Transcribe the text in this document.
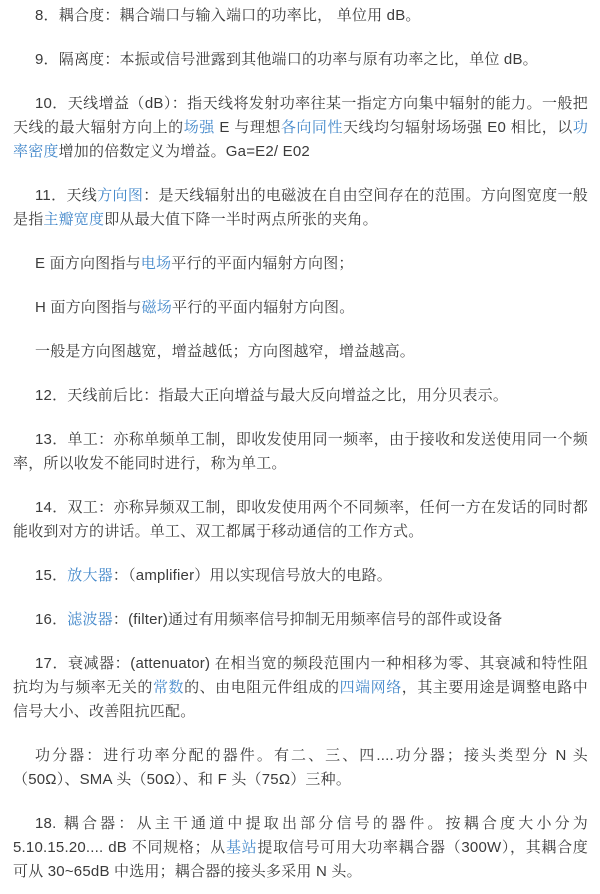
8．耦合度：耦合端口与输入端口的功率比， 单位用 dB。

9．隔离度：本振或信号泄露到其他端口的功率与原有功率之比，单位 dB。

10．天线增益（dB）：指天线将发射功率往某一指定方向集中辐射的能力。一般把天线的最大辐射方向上的场强 E 与理想各向同性天线均匀辐射场场强 E0 相比，以功率密度增加的倍数定义为增益。Ga=E2/ E02

11．天线方向图：是天线辐射出的电磁波在自由空间存在的范围。方向图宽度一般是指主瓣宽度即从最大值下降一半时两点所张的夹角。

E 面方向图指与电场平行的平面内辐射方向图；

H 面方向图指与磁场平行的平面内辐射方向图。

一般是方向图越宽，增益越低；方向图越窄，增益越高。

12．天线前后比：指最大正向增益与最大反向增益之比，用分贝表示。

13．单工：亦称单频单工制，即收发使用同一频率，由于接收和发送使用同一个频率，所以收发不能同时进行，称为单工。

14．双工：亦称异频双工制，即收发使用两个不同频率，任何一方在发话的同时都能收到对方的讲话。单工、双工都属于移动通信的工作方式。

15．放大器：（amplifier）用以实现信号放大的电路。

16．滤波器：(filter)通过有用频率信号抑制无用频率信号的部件或设备

17．衰减器：(attenuator) 在相当宽的频段范围内一种相移为零、其衰减和特性阻抗均为与频率无关的常数的、由电阻元件组成的四端网络，其主要用途是调整电路中信号大小、改善阻抗匹配。

功分器：进行功率分配的器件。有二、三、四....功分器；接头类型分 N 头（50Ω）、SMA 头（50Ω）、和 F 头（75Ω）三种。

18. 耦合器：从主干通道中提取出部分信号的器件。按耦合度大小分为 5.10.15.20.... dB 不同规格；从基站提取信号可用大功率耦合器（300W），其耦合度可从 30~65dB 中选用；耦合器的接头多采用 N 头。
